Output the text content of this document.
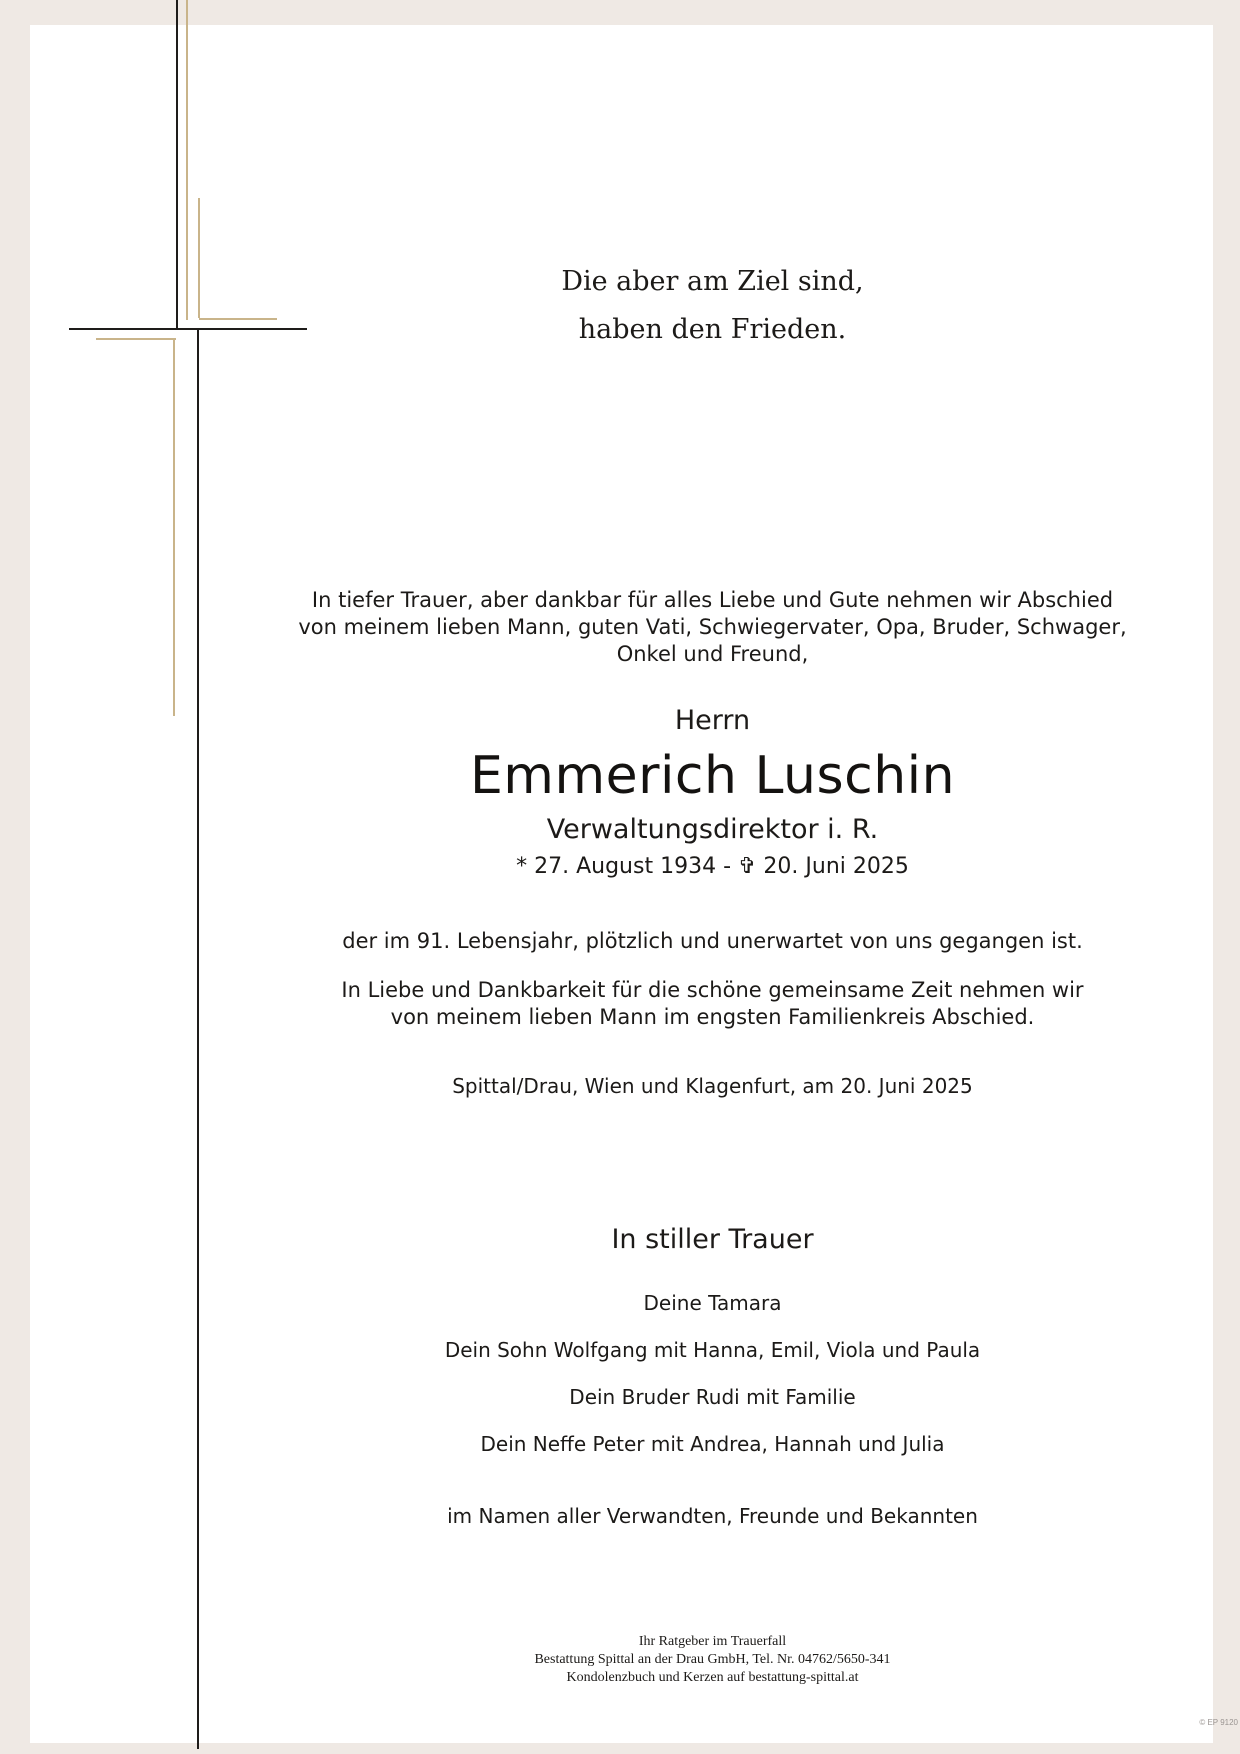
Die aber am Ziel sind,
haben den Frieden.
In tiefer Trauer, aber dankbar für alles Liebe und Gute nehmen wir Abschied
von meinem lieben Mann, guten Vati, Schwiegervater, Opa, Bruder, Schwager,
Onkel und Freund,
Herrn
Emmerich Luschin
Verwaltungsdirektor i. R.
* 27. August 1934 - ✞ 20. Juni 2025
der im 91. Lebensjahr, plötzlich und unerwartet von uns gegangen ist.
In Liebe und Dankbarkeit für die schöne gemeinsame Zeit nehmen wir
von meinem lieben Mann im engsten Familienkreis Abschied.
Spittal/Drau, Wien und Klagenfurt, am 20. Juni 2025
In stiller Trauer
Deine Tamara
Dein Sohn Wolfgang mit Hanna, Emil, Viola und Paula
Dein Bruder Rudi mit Familie
Dein Neffe Peter mit Andrea, Hannah und Julia
im Namen aller Verwandten, Freunde und Bekannten
Ihr Ratgeber im Trauerfall
Bestattung Spittal an der Drau GmbH, Tel. Nr. 04762/5650-341
Kondolenzbuch und Kerzen auf bestattung-spittal.at
© EP 9120
